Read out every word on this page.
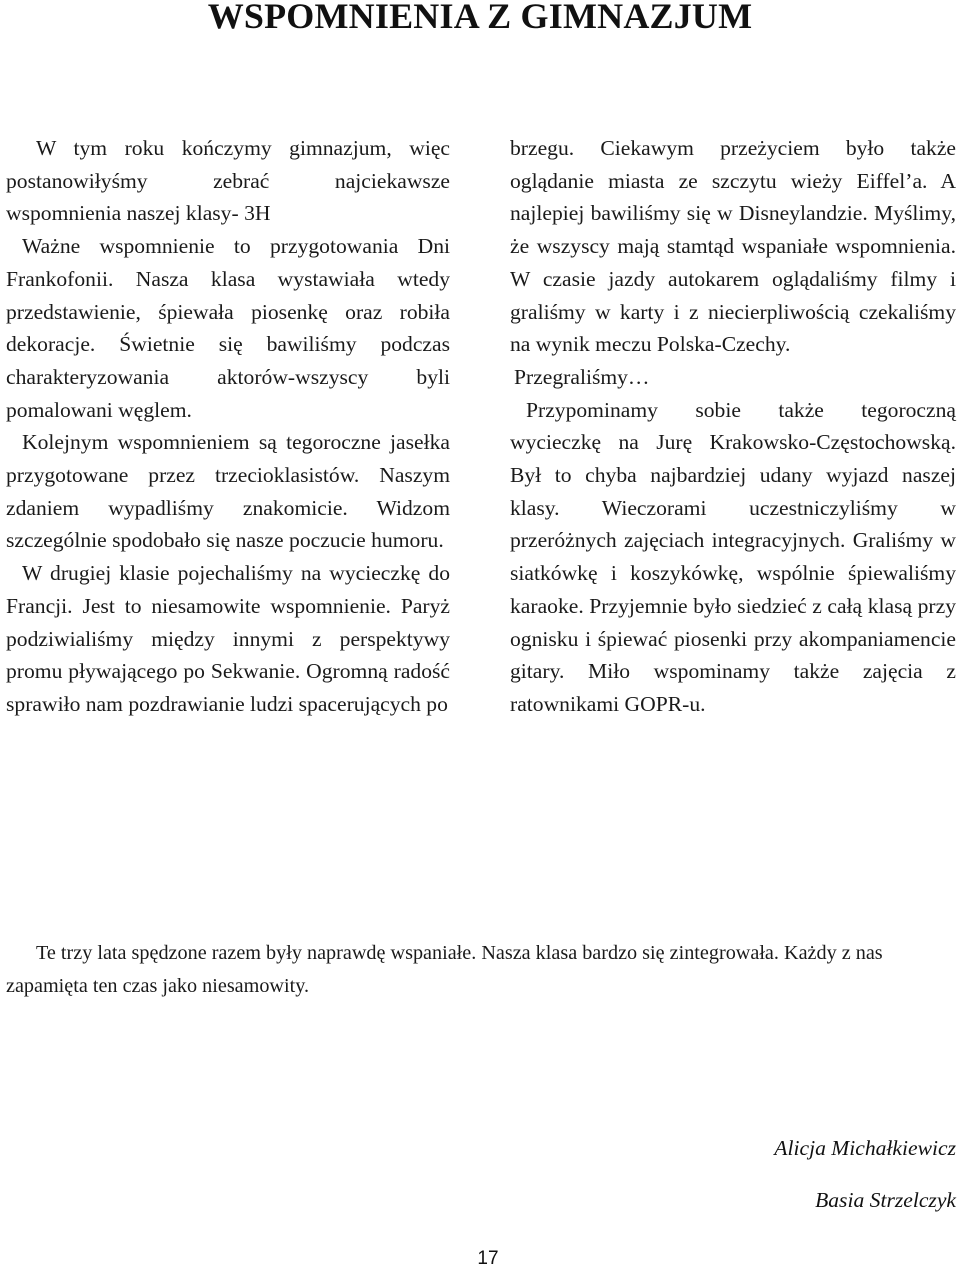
WSPOMNIENIA Z GIMNAZJUM

W tym roku kończymy gimnazjum, więc postanowiłyśmy zebrać najciekawsze wspomnienia naszej klasy- 3H

Ważne wspomnienie to przygotowania Dni Frankofonii. Nasza klasa wystawiała wtedy przedstawienie, śpiewała piosenkę oraz robiła dekoracje. Świetnie się bawiliśmy podczas charakteryzowania aktorów-wszyscy byli pomalowani węglem.

Kolejnym wspomnieniem są tegoroczne jasełka przygotowane przez trzecioklasistów. Naszym zdaniem wypadliśmy znakomicie. Widzom szczególnie spodobało się nasze poczucie humoru.

W drugiej klasie pojechaliśmy na wycieczkę do Francji. Jest to niesamowite wspomnienie. Paryż podziwialiśmy między innymi z perspektywy promu pływającego po Sekwanie. Ogromną radość sprawiło nam pozdrawianie ludzi spacerujących po

brzegu. Ciekawym przeżyciem było także oglądanie miasta ze szczytu wieży Eiffel’a. A najlepiej bawiliśmy się w Disneylandzie. Myślimy, że wszyscy mają stamtąd wspaniałe wspomnienia. W czasie jazdy autokarem oglądaliśmy filmy i graliśmy w karty i z niecierpliwością czekaliśmy na wynik meczu Polska-Czechy.

Przegraliśmy…

Przypominamy sobie także tegoroczną wycieczkę na Jurę Krakowsko-Częstochowską. Był to chyba najbardziej udany wyjazd naszej klasy. Wieczorami uczestniczyliśmy w przeróżnych zajęciach integracyjnych. Graliśmy w siatkówkę i koszykówkę, wspólnie śpiewaliśmy karaoke. Przyjemnie było siedzieć z całą klasą przy ognisku i śpiewać piosenki przy akompaniamencie gitary. Miło wspominamy także zajęcia z ratownikami GOPR-u.

Te trzy lata spędzone razem były naprawdę wspaniałe. Nasza klasa bardzo się zintegrowała. Każdy z nas zapamięta ten czas jako niesamowity.

Alicja Michałkiewicz
Basia Strzelczyk
17
